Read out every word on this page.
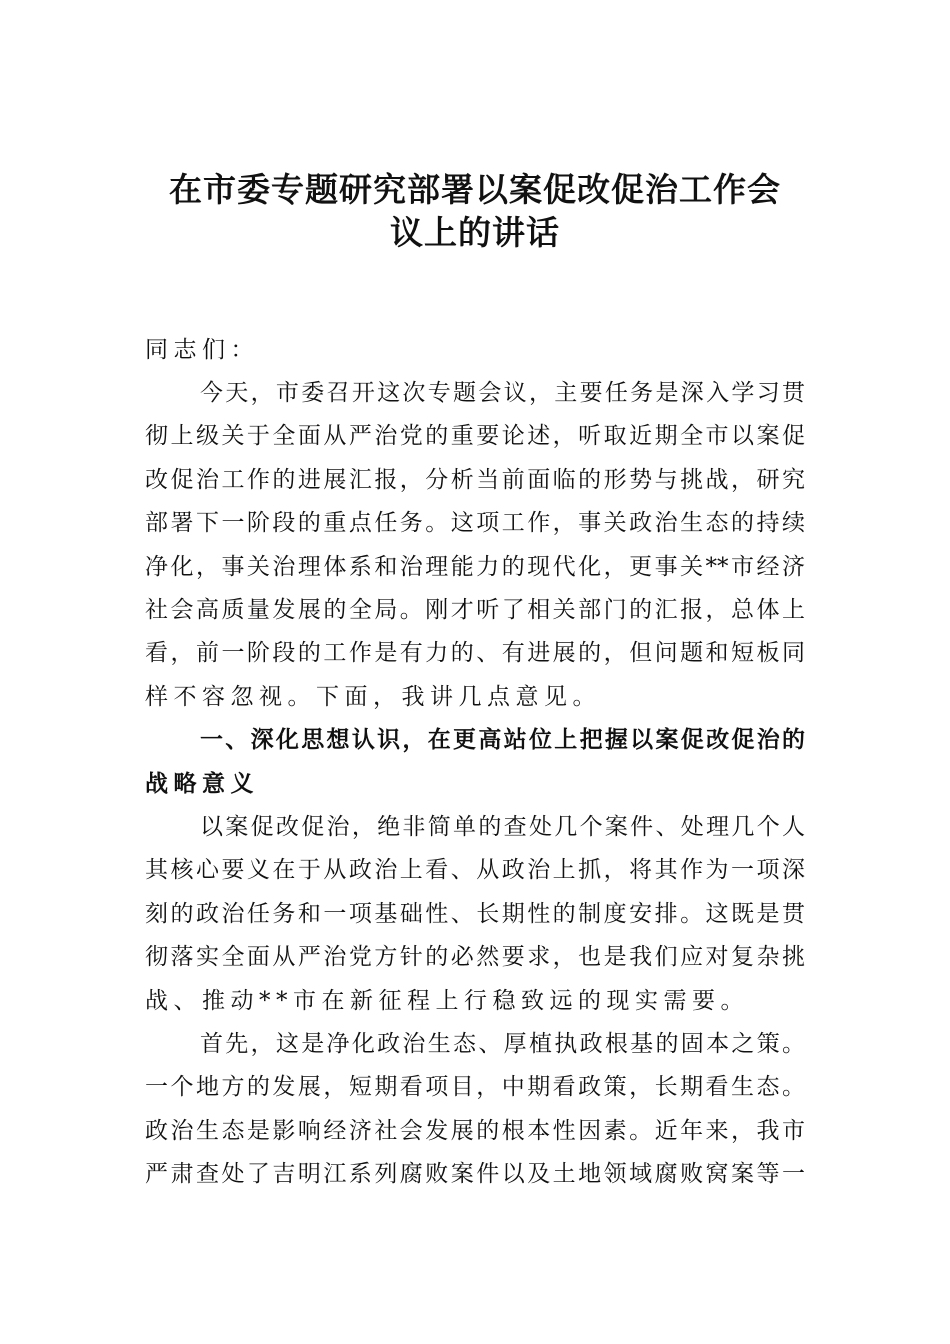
在市委专题研究部署以案促改促治工作会
议上的讲话
同志们：
今天，市委召开这次专题会议，主要任务是深入学习贯
彻上级关于全面从严治党的重要论述，听取近期全市以案促
改促治工作的进展汇报，分析当前面临的形势与挑战，研究
部署下一阶段的重点任务。这项工作，事关政治生态的持续
净化，事关治理体系和治理能力的现代化，更事关**市经济
社会高质量发展的全局。刚才听了相关部门的汇报，总体上
看，前一阶段的工作是有力的、有进展的，但问题和短板同
样不容忽视。下面，我讲几点意见。
一、深化思想认识，在更高站位上把握以案促改促治的
战略意义
以案促改促治，绝非简单的查处几个案件、处理几个人
其核心要义在于从政治上看、从政治上抓，将其作为一项深
刻的政治任务和一项基础性、长期性的制度安排。这既是贯
彻落实全面从严治党方针的必然要求，也是我们应对复杂挑
战、推动**市在新征程上行稳致远的现实需要。
首先，这是净化政治生态、厚植执政根基的固本之策。
一个地方的发展，短期看项目，中期看政策，长期看生态。
政治生态是影响经济社会发展的根本性因素。近年来，我市
严肃查处了吉明江系列腐败案件以及土地领域腐败窝案等一
